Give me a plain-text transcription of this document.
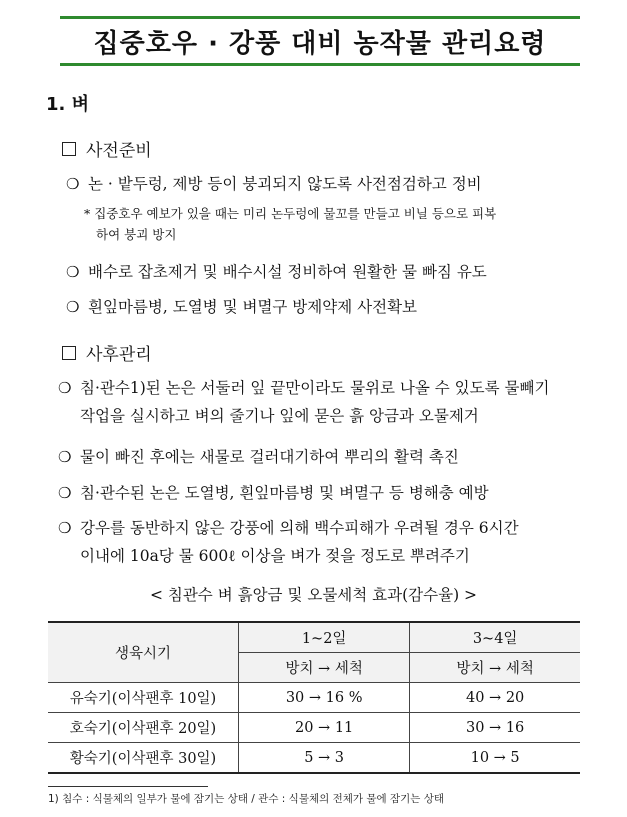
집중호우 · 강풍 대비 농작물 관리요령
1. 벼
사전준비
❍ 논 · 밭두렁, 제방 등이 붕괴되지 않도록 사전점검하고 정비
* 집중호우 예보가 있을 때는 미리 논두렁에 물꼬를 만들고 비닐 등으로 피복
하여 붕괴 방지
❍ 배수로 잡초제거 및 배수시설 정비하여 원활한 물 빠짐 유도
❍ 흰잎마름병, 도열병 및 벼멸구 방제약제 사전확보
사후관리
❍ 침·관수1)된 논은 서둘러 잎 끝만이라도 물위로 나올 수 있도록 물빼기
작업을 실시하고 벼의 줄기나 잎에 묻은 흙 앙금과 오물제거
❍ 물이 빠진 후에는 새물로 걸러대기하여 뿌리의 활력 촉진
❍ 침·관수된 논은 도열병, 흰잎마름병 및 벼멸구 등 병해충 예방
❍ 강우를 동반하지 않은 강풍에 의해 백수피해가 우려될 경우 6시간
이내에 10a당 물 600ℓ 이상을 벼가 젖을 정도로 뿌려주기
< 침관수 벼 흙앙금 및 오물세척 효과(감수율) >
생육시기	1~2일	3~4일
	방치 → 세척	방치 → 세척
유숙기(이삭팬후 10일)	30 → 16 %	40 → 20
호숙기(이삭팬후 20일)	20 → 11	30 → 16
황숙기(이삭팬후 30일)	5 → 3	10 → 5
1) 침수 : 식물체의 일부가 물에 잠기는 상태 / 관수 : 식물체의 전체가 물에 잠기는 상태
